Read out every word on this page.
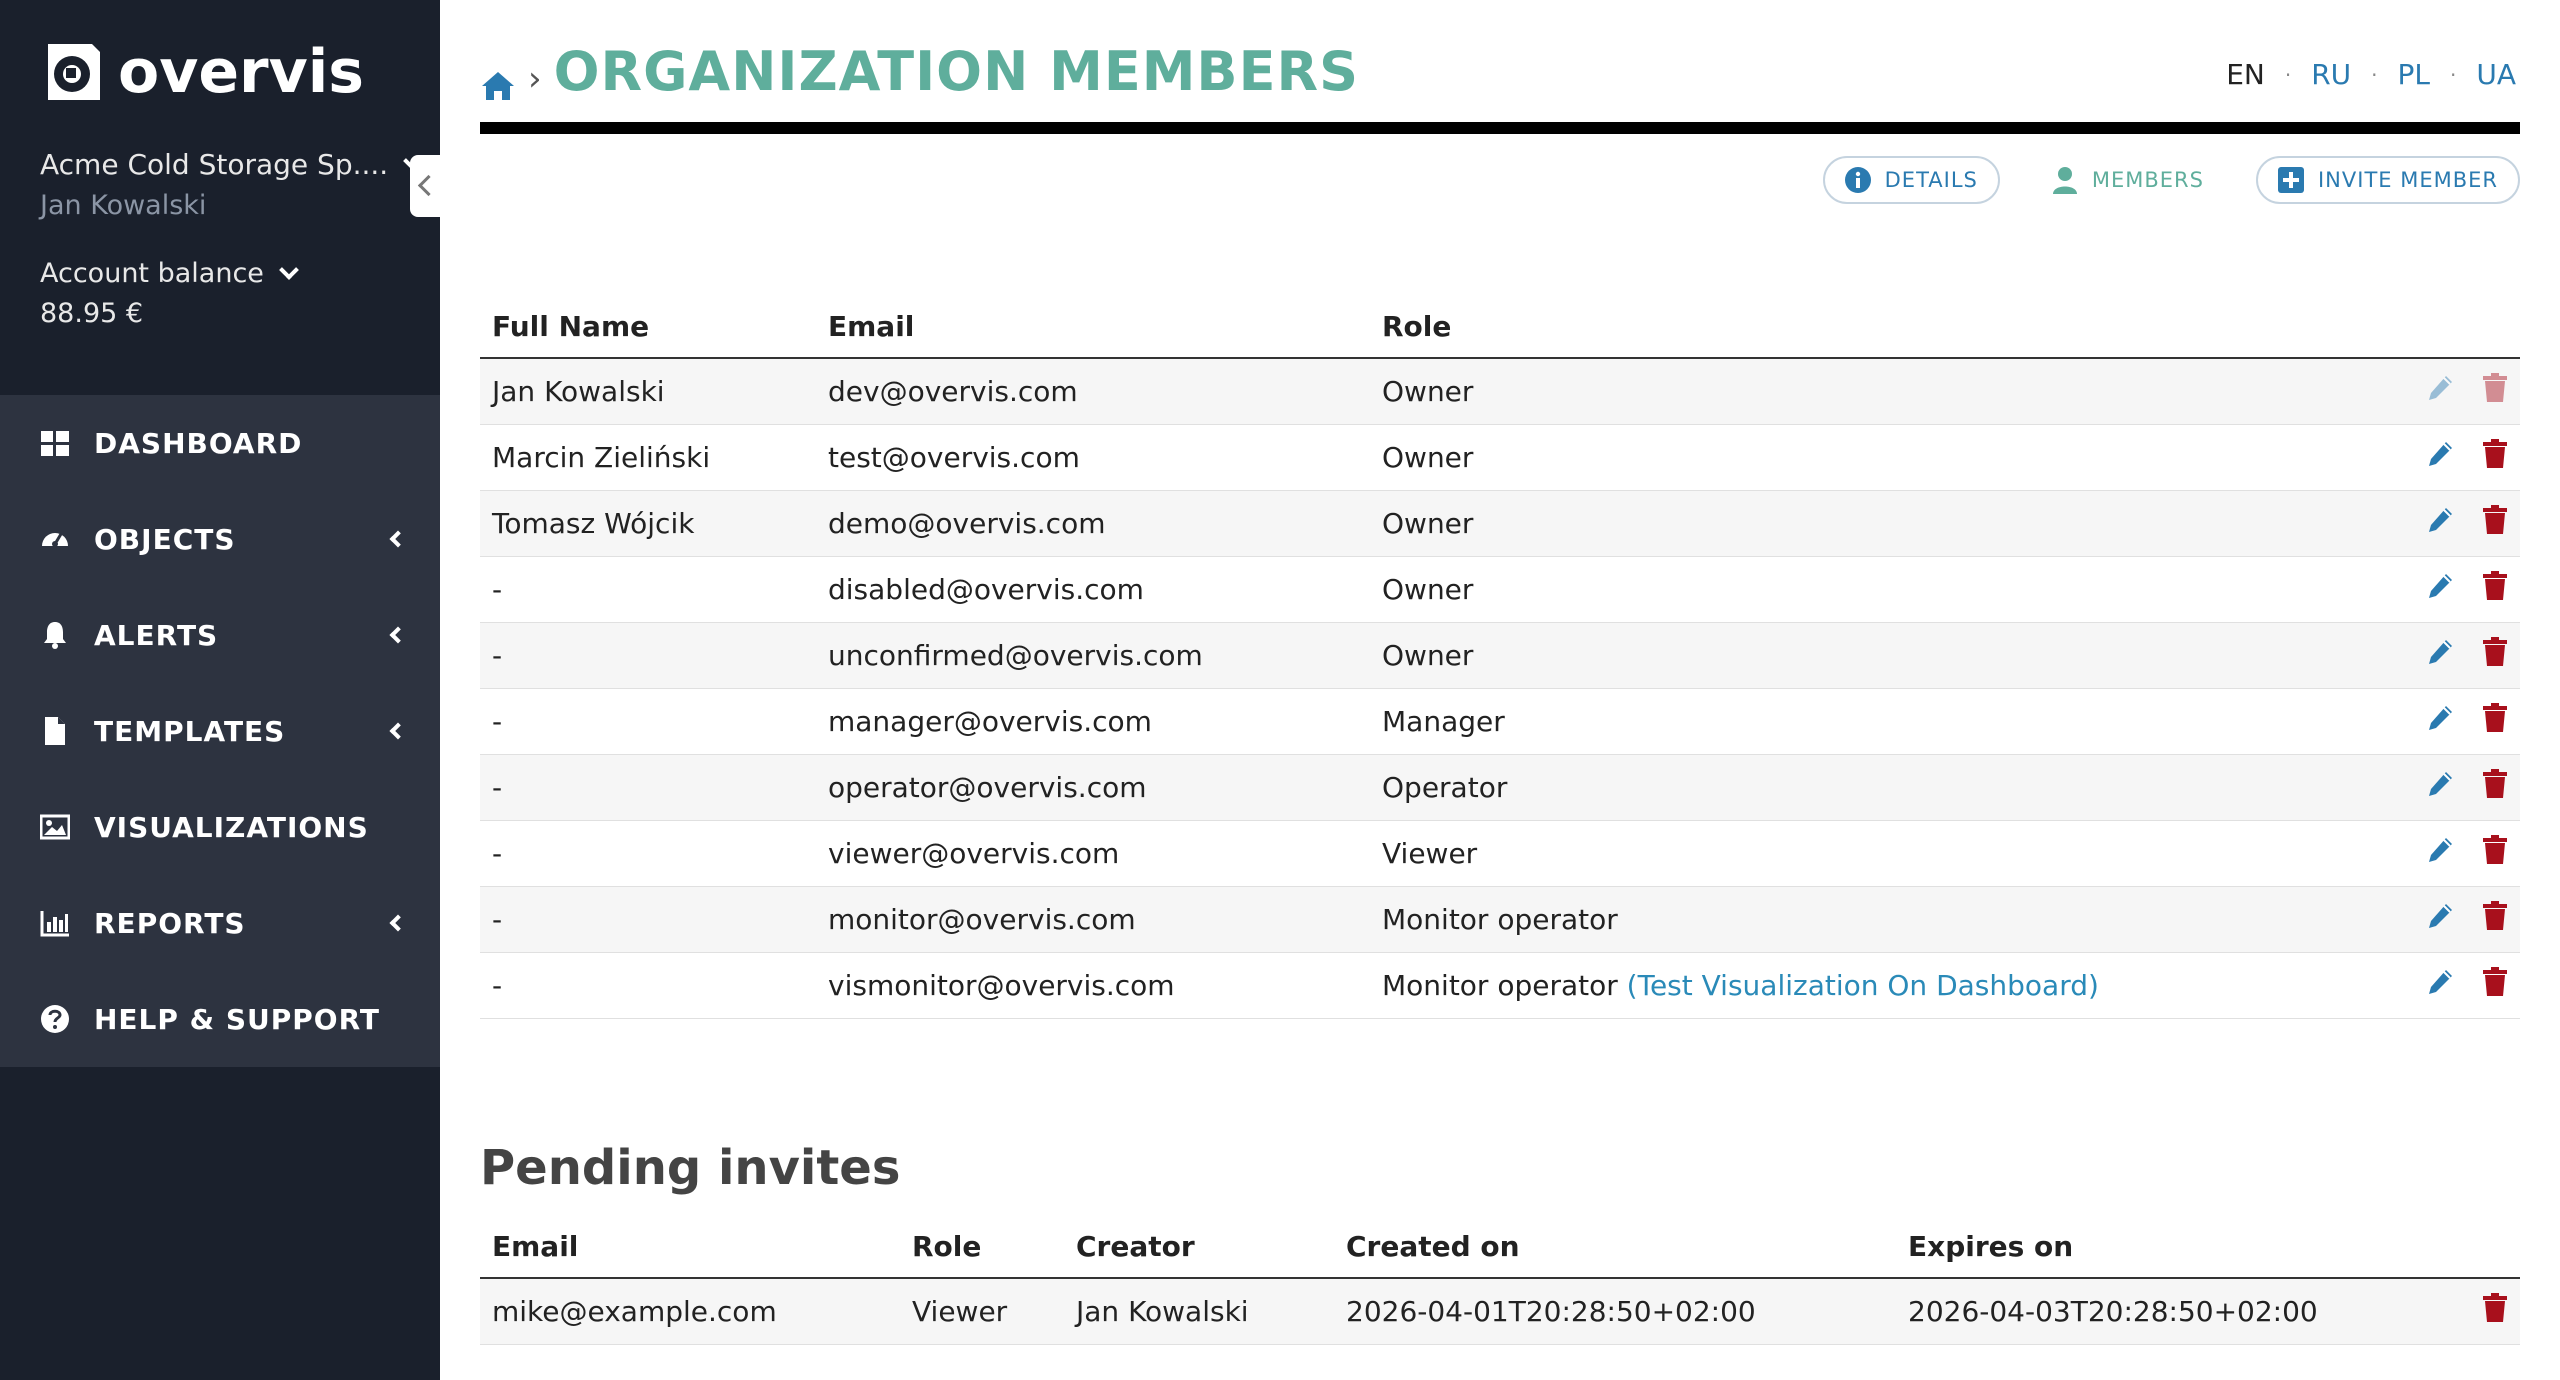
overvis
Acme Cold Storage Sp....
Jan Kowalski
Account balance
88.95 €
DASHBOARD
OBJECTS
ALERTS
TEMPLATES
VISUALIZATIONS
REPORTS
HELP & SUPPORT
› ORGANIZATION MEMBERS	EN · RU · PL · UA
DETAILS	MEMBERS	INVITE MEMBER
Full Name	Email	Role	
Jan Kowalski	dev@overvis.com	Owner	
Marcin Zieliński	test@overvis.com	Owner	
Tomasz Wójcik	demo@overvis.com	Owner	
-	disabled@overvis.com	Owner	
-	unconfirmed@overvis.com	Owner	
-	manager@overvis.com	Manager	
-	operator@overvis.com	Operator	
-	viewer@overvis.com	Viewer	
-	monitor@overvis.com	Monitor operator	
-	vismonitor@overvis.com	Monitor operator (Test Visualization On Dashboard)	
Pending invites
Email	Role	Creator	Created on	Expires on	
mike@example.com	Viewer	Jan Kowalski	2026-04-01T20:28:50+02:00	2026-04-03T20:28:50+02:00	
